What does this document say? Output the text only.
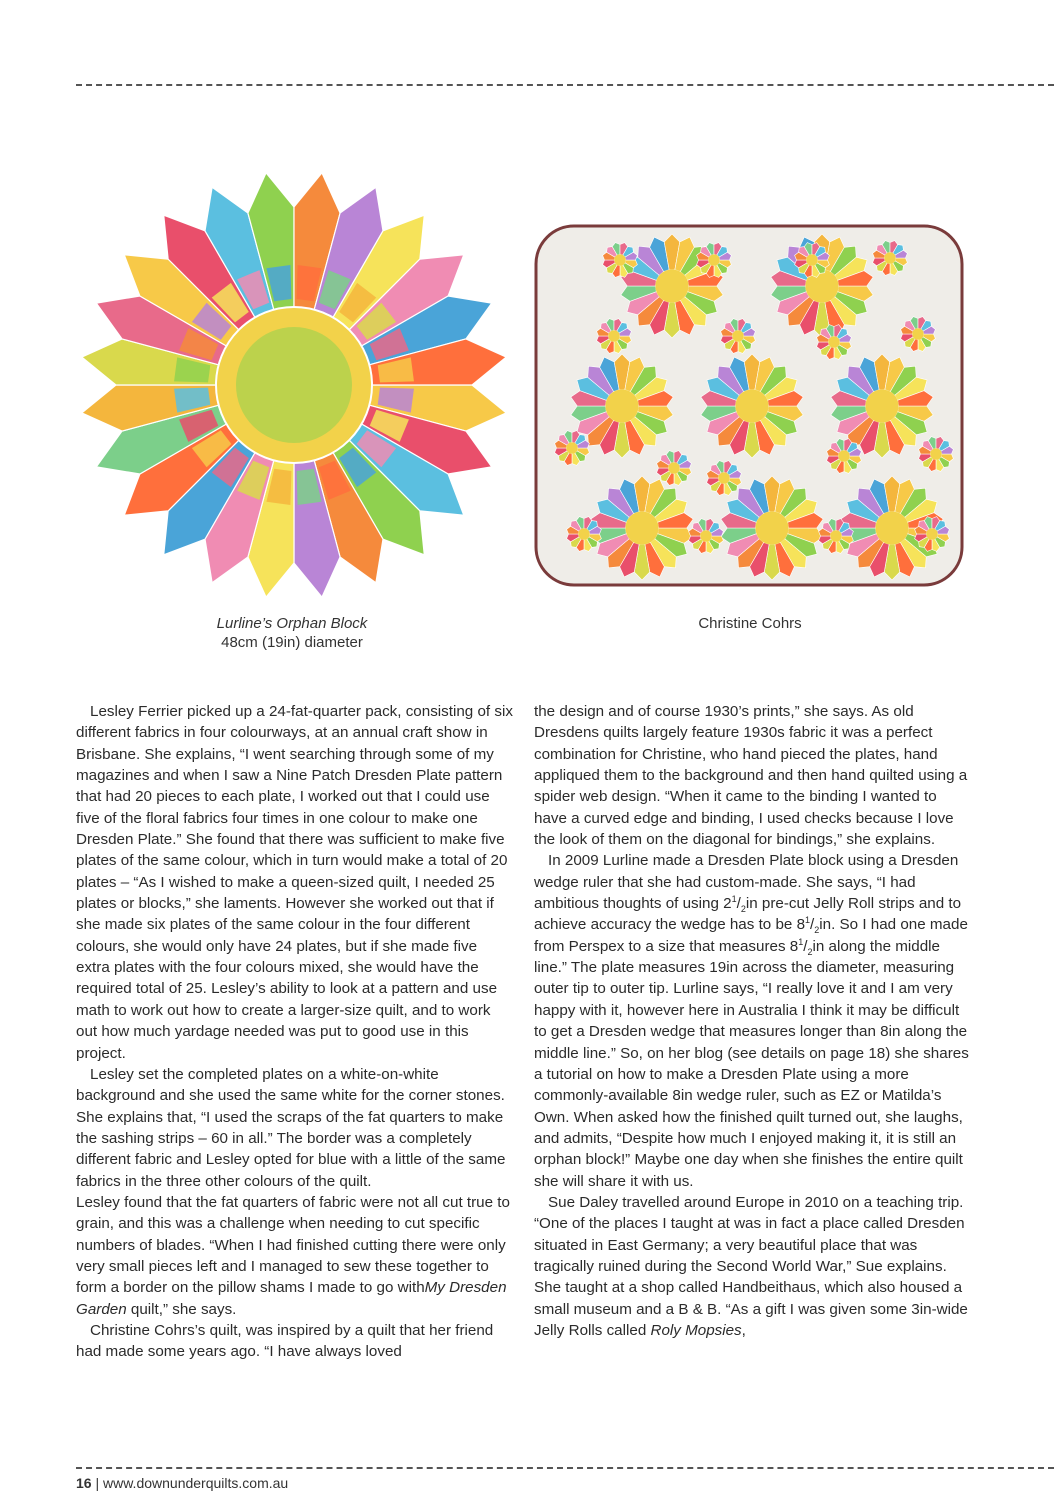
Lurline’s Orphan Block
48cm (19in) diameter
Christine Cohrs

Lesley Ferrier picked up a 24-fat-quarter pack, consisting of six different fabrics in four colourways, at an annual craft show in Brisbane. She explains, “I went searching through some of my magazines and when I saw a Nine Patch Dresden Plate pattern that had 20 pieces to each plate, I worked out that I could use five of the floral fabrics four times in one colour to make one Dresden Plate.” She found that there was sufficient to make five plates of the same colour, which in turn would make a total of 20 plates – “As I wished to make a queen-sized quilt, I needed 25 plates or blocks,” she laments. However she worked out that if she made six plates of the same colour in the four different colours, she would only have 24 plates, but if she made five extra plates with the four colours mixed, she would have the required total of 25. Lesley’s ability to look at a pattern and use math to work out how to create a larger-size quilt, and to work out how much yardage needed was put to good use in this project.

Lesley set the completed plates on a white-on-white background and she used the same white for the corner stones. She explains that, “I used the scraps of the fat quarters to make the sashing strips – 60 in all.” The border was a completely different fabric and Lesley opted for blue with a little of the same fabrics in the three other colours of the quilt.

Lesley found that the fat quarters of fabric were not all cut true to grain, and this was a challenge when needing to cut specific numbers of blades. “When I had finished cutting there were only very small pieces left and I managed to sew these together to form a border on the pillow shams I made to go withMy Dresden Garden quilt,” she says.

Christine Cohrs’s quilt, was inspired by a quilt that her friend had made some years ago. “I have always loved

the design and of course 1930’s prints,” she says. As old Dresdens quilts largely feature 1930s fabric it was a perfect combination for Christine, who hand pieced the plates, hand appliqued them to the background and then hand quilted using a spider web design. “When it came to the binding I wanted to have a curved edge and binding, I used checks because I love the look of them on the diagonal for bindings,” she explains.

In 2009 Lurline made a Dresden Plate block using a Dresden wedge ruler that she had custom-made. She says, “I had ambitious thoughts of using $2^1/_2in$ pre-cut Jelly Roll strips and to achieve accuracy the wedge has to be $8^1/_2in$. So I had one made from Perspex to a size that measures $8^1/_2in$ along the middle line.” The plate measures 19in across the diameter, measuring outer tip to outer tip. Lurline says, “I really love it and I am very happy with it, however here in Australia I think it may be difficult to get a Dresden wedge that measures longer than 8in along the middle line.” So, on her blog (see details on page 18) she shares a tutorial on how to make a Dresden Plate using a more commonly-available 8in wedge ruler, such as EZ or Matilda’s Own. When asked how the finished quilt turned out, she laughs, and admits, “Despite how much I enjoyed making it, it is still an orphan block!” Maybe one day when she finishes the entire quilt she will share it with us.

Sue Daley travelled around Europe in 2010 on a teaching trip. “One of the places I taught at was in fact a place called Dresden situated in East Germany; a very beautiful place that was tragically ruined during the Second World War,” Sue explains. She taught at a shop called Handbeithaus, which also housed a small museum and a B & B. “As a gift I was given some 3in-wide Jelly Rolls called Roly Mopsies,

16 | www.downunderquilts.com.au
